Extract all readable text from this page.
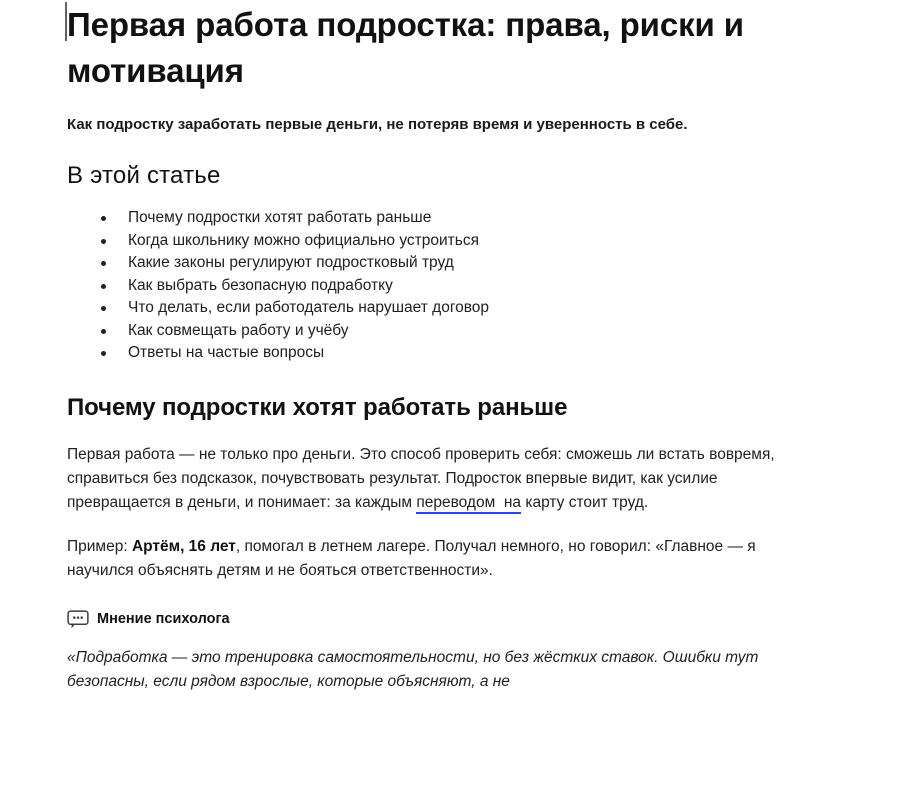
Первая работа подростка: права, риски и мотивация

Как подростку заработать первые деньги, не потеряв время и уверенность в себе.

В этой статье
Почему подростки хотят работать раньше
Когда школьнику можно официально устроиться
Какие законы регулируют подростковый труд
Как выбрать безопасную подработку
Что делать, если работодатель нарушает договор
Как совмещать работу и учёбу
Ответы на частые вопросы
Почему подростки хотят работать раньше

Первая работа — не только про деньги. Это способ проверить себя: сможешь ли встать вовремя, справиться без подсказок, почувствовать результат. Подросток впервые видит, как усилие превращается в деньги, и понимает: за каждым переводом  на карту стоит труд.

Пример: Артём, 16 лет, помогал в летнем лагере. Получал немного, но говорил: «Главное — я научился объяснять детям и не бояться ответственности».

Мнение психолога

«Подработка — это тренировка самостоятельности, но без жёстких ставок. Ошибки тут безопасны, если рядом взрослые, которые объясняют, а не
